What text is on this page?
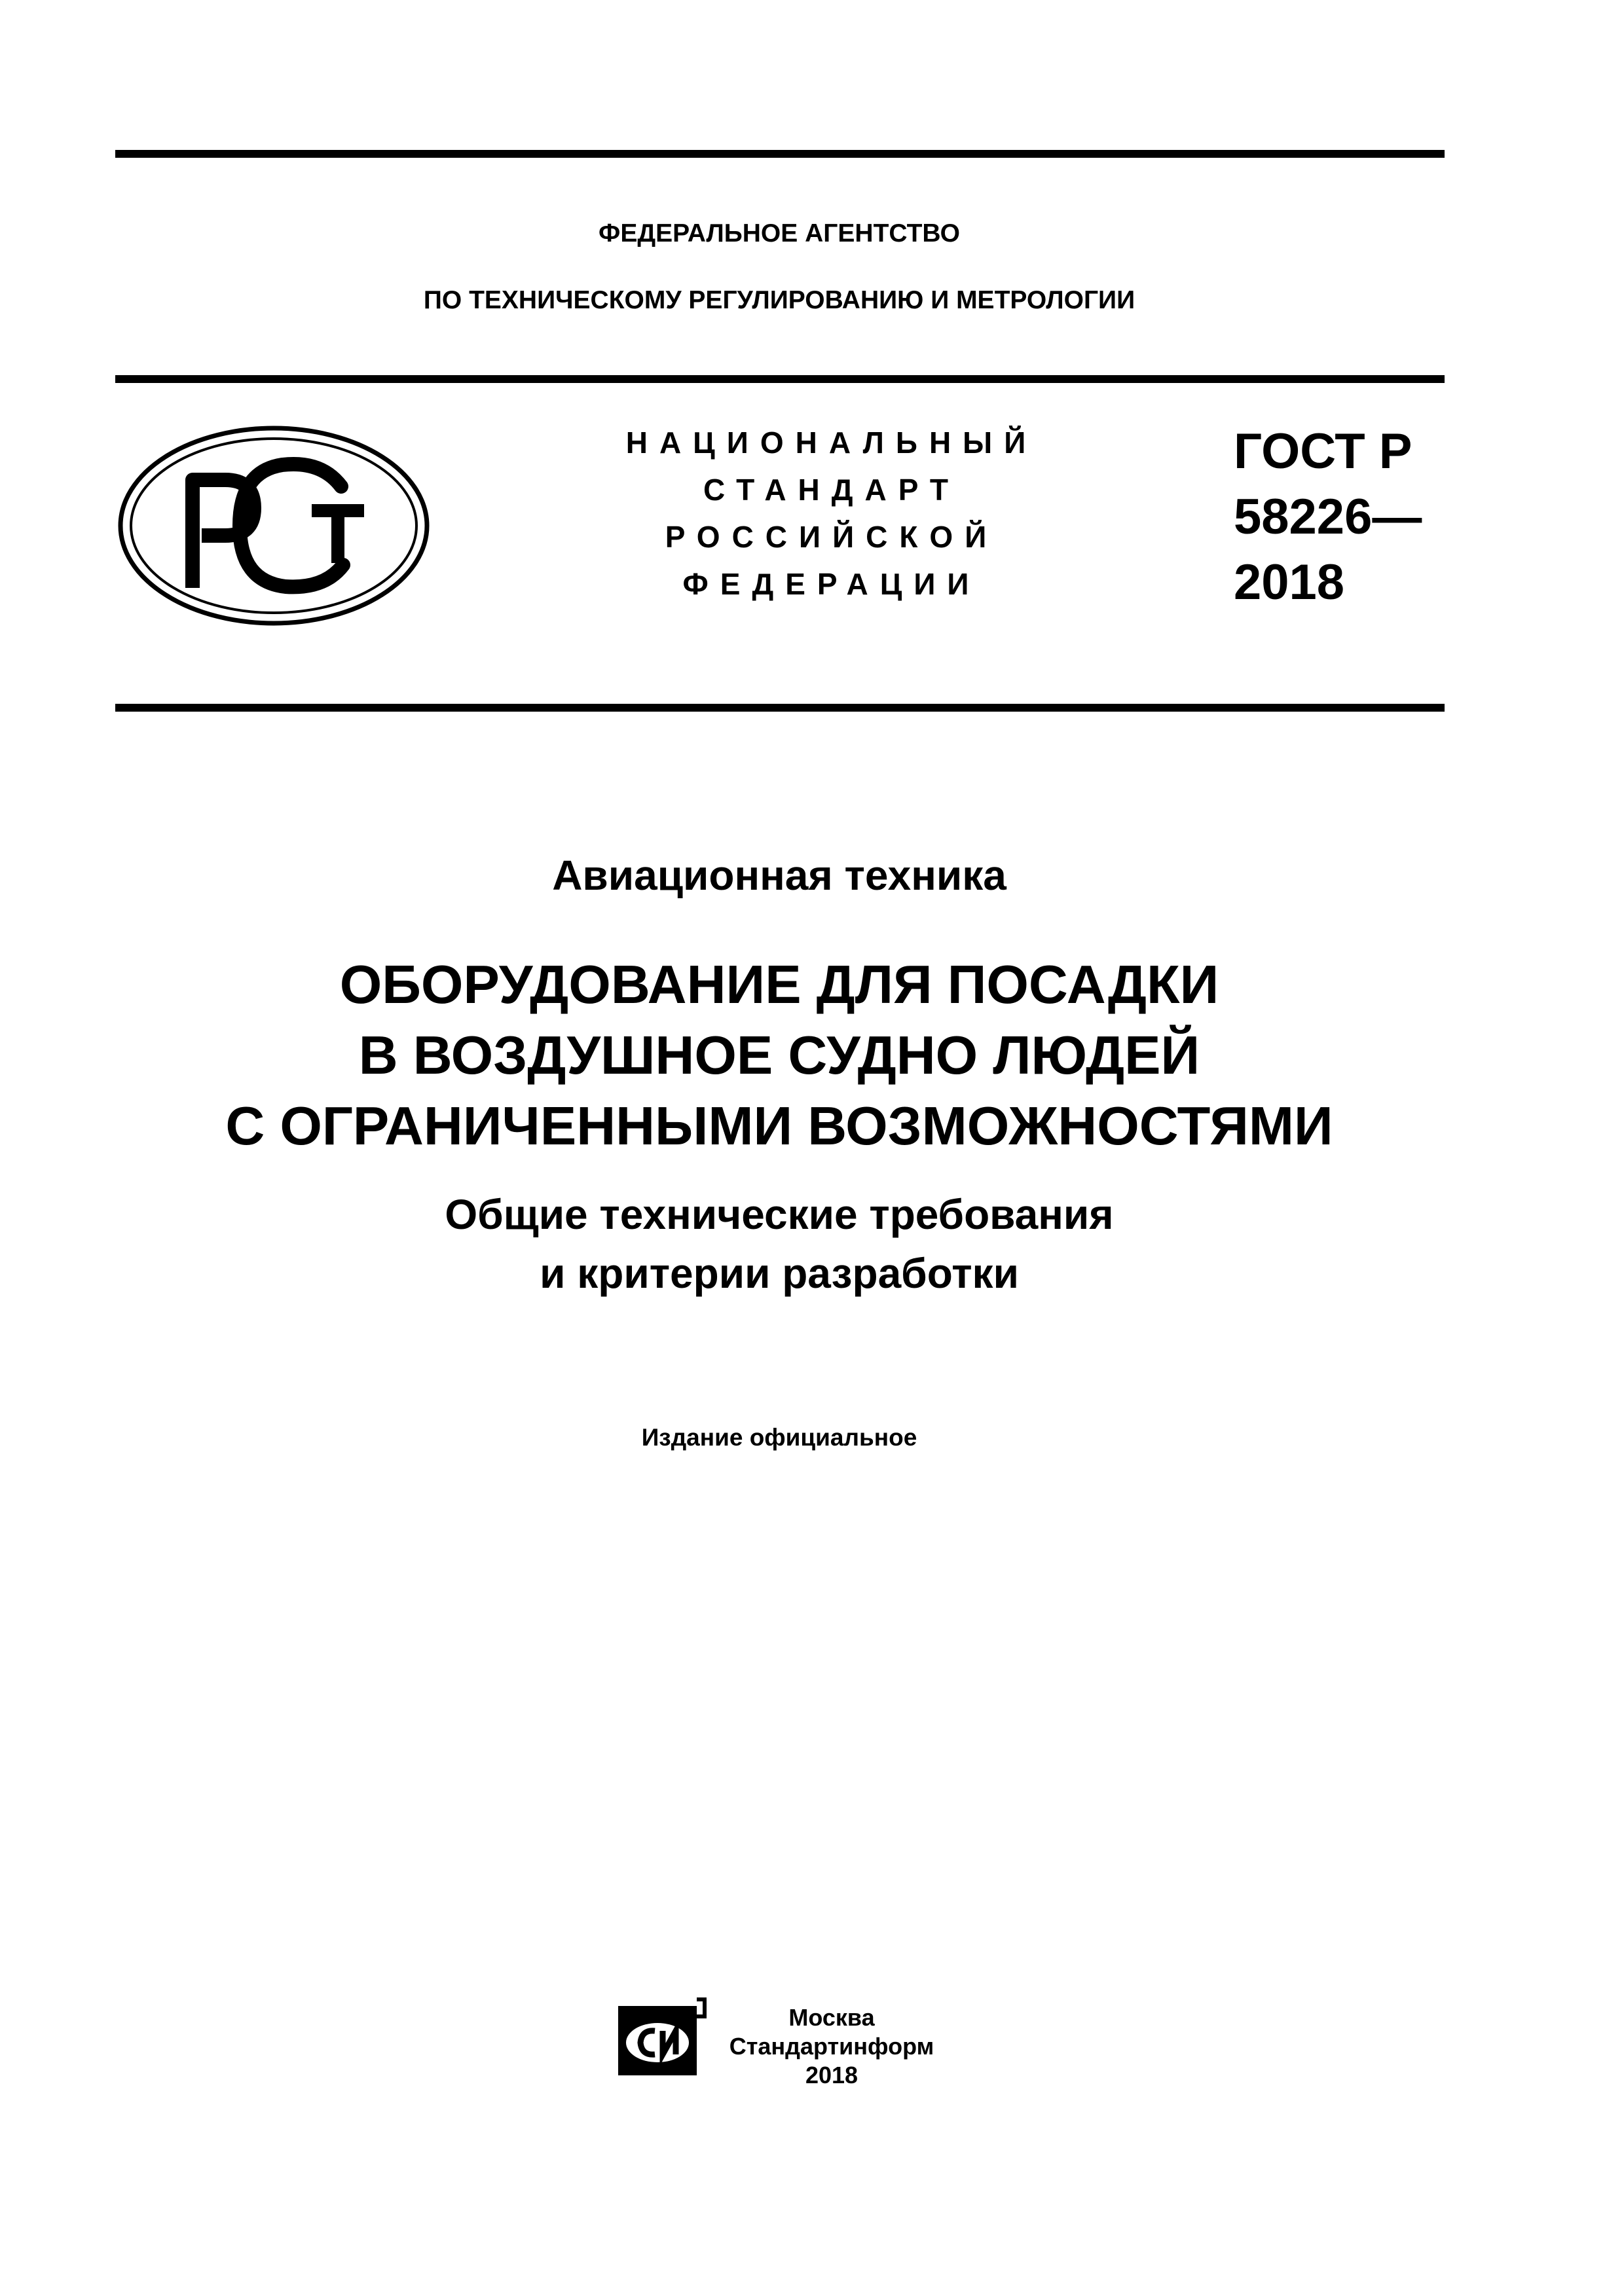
ФЕДЕРАЛЬНОЕ АГЕНТСТВО
ПО ТЕХНИЧЕСКОМУ РЕГУЛИРОВАНИЮ И МЕТРОЛОГИИ
НАЦИОНАЛЬНЫЙ
СТАНДАРТ
РОССИЙСКОЙ
ФЕДЕРАЦИИ
ГОСТ Р
58226—
2018
Авиационная техника
ОБОРУДОВАНИЕ ДЛЯ ПОСАДКИ
В ВОЗДУШНОЕ СУДНО ЛЮДЕЙ
С ОГРАНИЧЕННЫМИ ВОЗМОЖНОСТЯМИ
Общие технические требования
и критерии разработки
Издание официальное
Москва
Стандартинформ
2018
